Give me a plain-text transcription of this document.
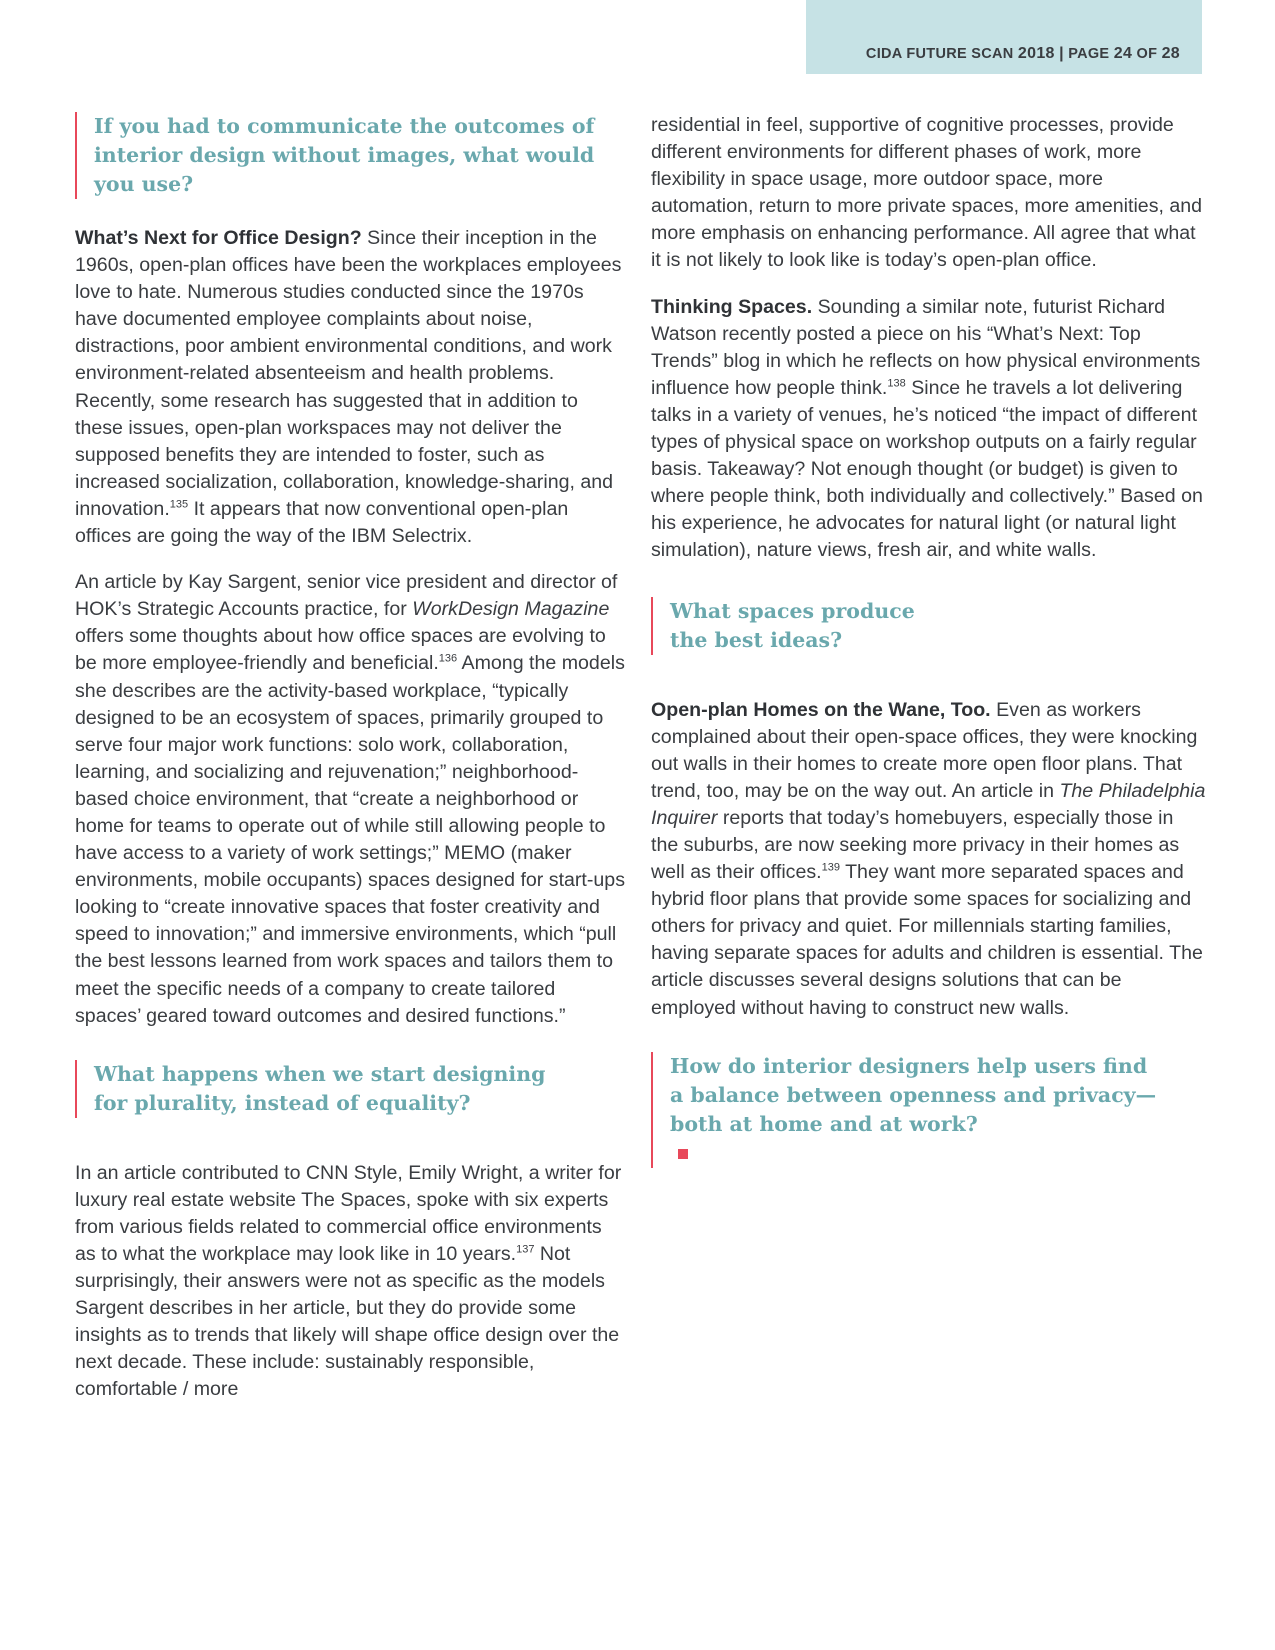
CIDA FUTURE SCAN 2018 | PAGE 24 OF 28
If you had to communicate the outcomes of
interior design without images, what would
you use?

What’s Next for Office Design? Since their inception in the 1960s, open-plan offices have been the workplaces employees love to hate. Numerous studies conducted since the 1970s have documented employee complaints about noise, distractions, poor ambient environmental conditions, and work environment-related absenteeism and health problems. Recently, some research has suggested that in addition to these issues, open-plan workspaces may not deliver the supposed benefits they are intended to foster, such as increased socialization, collaboration, knowledge-sharing, and innovation.$^{135}$ It appears that now conventional open-plan offices are going the way of the IBM Selectrix.

An article by Kay Sargent, senior vice president and director of HOK’s Strategic Accounts practice, for WorkDesign Magazine offers some thoughts about how office spaces are evolving to be more employee-friendly and beneficial.$^{136}$ Among the models she describes are the activity-based workplace, “typically designed to be an ecosystem of spaces, primarily grouped to serve four major work functions: solo work, collaboration, learning, and socializing and rejuvenation;” neighborhood-based choice environment, that “create a neighborhood or home for teams to operate out of while still allowing people to have access to a variety of work settings;” MEMO (maker environments, mobile occupants) spaces designed for start-ups looking to “create innovative spaces that foster creativity and speed to innovation;” and immersive environments, which “pull the best lessons learned from work spaces and tailors them to meet the specific needs of a company to create tailored spaces’ geared toward outcomes and desired functions.”

What happens when we start designing
for plurality, instead of equality?

In an article contributed to CNN Style, Emily Wright, a writer for luxury real estate website The Spaces, spoke with six experts from various fields related to commercial office environments as to what the workplace may look like in 10 years.$^{137}$ Not surprisingly, their answers were not as specific as the models Sargent describes in her article, but they do provide some insights as to trends that likely will shape office design over the next decade. These include: sustainably responsible, comfortable / more

residential in feel, supportive of cognitive processes, provide different environments for different phases of work, more flexibility in space usage, more outdoor space, more automation, return to more private spaces, more amenities, and more emphasis on enhancing performance. All agree that what it is not likely to look like is today’s open-plan office.

Thinking Spaces. Sounding a similar note, futurist Richard Watson recently posted a piece on his “What’s Next: Top Trends” blog in which he reflects on how physical environments influence how people think.$^{138}$ Since he travels a lot delivering talks in a variety of venues, he’s noticed “the impact of different types of physical space on workshop outputs on a fairly regular basis. Takeaway? Not enough thought (or budget) is given to where people think, both individually and collectively.” Based on his experience, he advocates for natural light (or natural light simulation), nature views, fresh air, and white walls.

What spaces produce
the best ideas?

Open-plan Homes on the Wane, Too. Even as workers complained about their open-space offices, they were knocking out walls in their homes to create more open floor plans. That trend, too, may be on the way out. An article in The Philadelphia Inquirer reports that today’s homebuyers, especially those in the suburbs, are now seeking more privacy in their homes as well as their offices.$^{139}$ They want more separated spaces and hybrid floor plans that provide some spaces for socializing and others for privacy and quiet. For millennials starting families, having separate spaces for adults and children is essential. The article discusses several designs solutions that can be employed without having to construct new walls.

How do interior designers help users find
a balance between openness and privacy—
both at home and at work?
